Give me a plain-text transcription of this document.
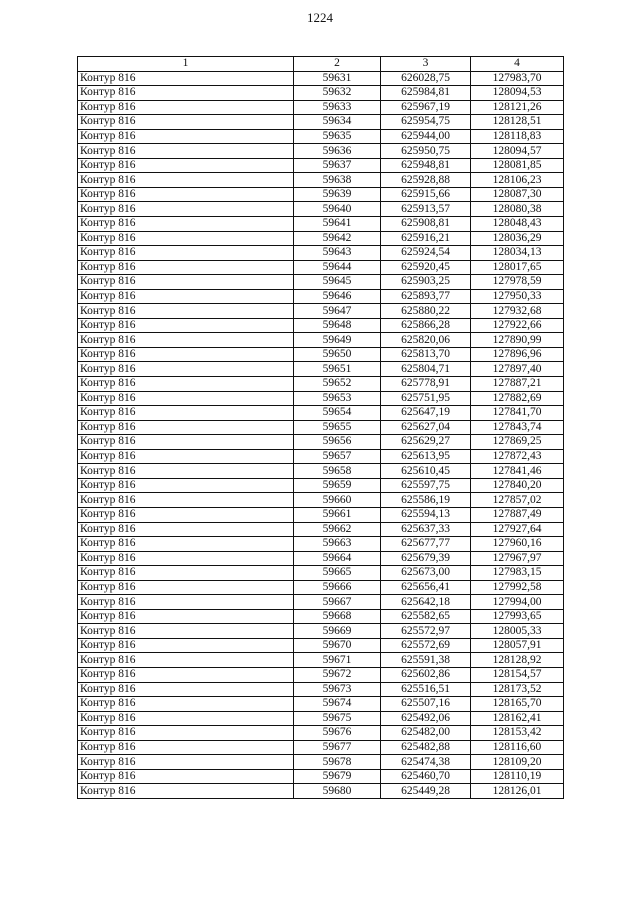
1224
1	2	3	4
Контур 816	59631	626028,75	127983,70
Контур 816	59632	625984,81	128094,53
Контур 816	59633	625967,19	128121,26
Контур 816	59634	625954,75	128128,51
Контур 816	59635	625944,00	128118,83
Контур 816	59636	625950,75	128094,57
Контур 816	59637	625948,81	128081,85
Контур 816	59638	625928,88	128106,23
Контур 816	59639	625915,66	128087,30
Контур 816	59640	625913,57	128080,38
Контур 816	59641	625908,81	128048,43
Контур 816	59642	625916,21	128036,29
Контур 816	59643	625924,54	128034,13
Контур 816	59644	625920,45	128017,65
Контур 816	59645	625903,25	127978,59
Контур 816	59646	625893,77	127950,33
Контур 816	59647	625880,22	127932,68
Контур 816	59648	625866,28	127922,66
Контур 816	59649	625820,06	127890,99
Контур 816	59650	625813,70	127896,96
Контур 816	59651	625804,71	127897,40
Контур 816	59652	625778,91	127887,21
Контур 816	59653	625751,95	127882,69
Контур 816	59654	625647,19	127841,70
Контур 816	59655	625627,04	127843,74
Контур 816	59656	625629,27	127869,25
Контур 816	59657	625613,95	127872,43
Контур 816	59658	625610,45	127841,46
Контур 816	59659	625597,75	127840,20
Контур 816	59660	625586,19	127857,02
Контур 816	59661	625594,13	127887,49
Контур 816	59662	625637,33	127927,64
Контур 816	59663	625677,77	127960,16
Контур 816	59664	625679,39	127967,97
Контур 816	59665	625673,00	127983,15
Контур 816	59666	625656,41	127992,58
Контур 816	59667	625642,18	127994,00
Контур 816	59668	625582,65	127993,65
Контур 816	59669	625572,97	128005,33
Контур 816	59670	625572,69	128057,91
Контур 816	59671	625591,38	128128,92
Контур 816	59672	625602,86	128154,57
Контур 816	59673	625516,51	128173,52
Контур 816	59674	625507,16	128165,70
Контур 816	59675	625492,06	128162,41
Контур 816	59676	625482,00	128153,42
Контур 816	59677	625482,88	128116,60
Контур 816	59678	625474,38	128109,20
Контур 816	59679	625460,70	128110,19
Контур 816	59680	625449,28	128126,01
